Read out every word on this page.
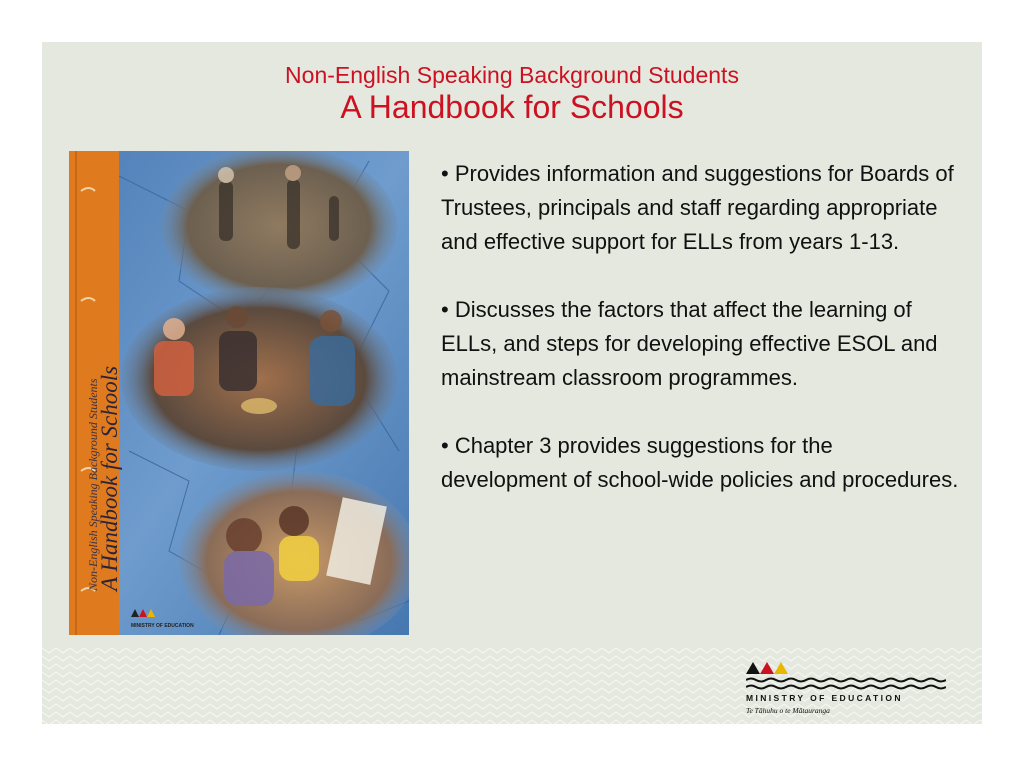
Non-English Speaking Background Students
A Handbook for Schools
Non-English Speaking Background Students
A Handbook for Schools
MINISTRY OF EDUCATION

• Provides information and suggestions for Boards of Trustees, principals and staff regarding appropriate and effective support for ELLs from years 1-13.

• Discusses the factors that affect the learning of ELLs, and steps for developing effective ESOL and mainstream classroom programmes.

• Chapter 3 provides suggestions for the development of school-wide policies and procedures.

MINISTRY OF EDUCATION
Te Tāhuhu o te Mātauranga
